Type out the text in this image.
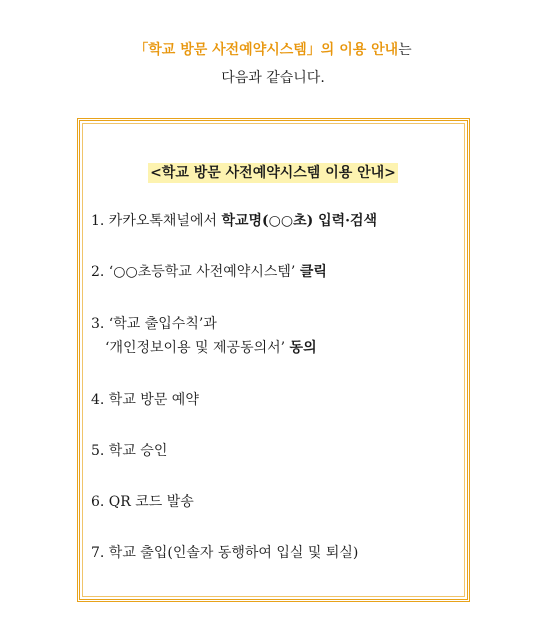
「학교 방문 사전예약시스템」의 이용 안내는
다음과 같습니다.
<학교 방문 사전예약시스템 이용 안내>
1. 카카오톡채널에서 학교명(○○초) 입력·검색
2. ‘○○초등학교 사전예약시스템’ 클릭
3. ‘학교 출입수칙’과
‘개인정보이용 및 제공동의서’ 동의
4. 학교 방문 예약
5. 학교 승인
6. QR 코드 발송
7. 학교 출입(인솔자 동행하여 입실 및 퇴실)
